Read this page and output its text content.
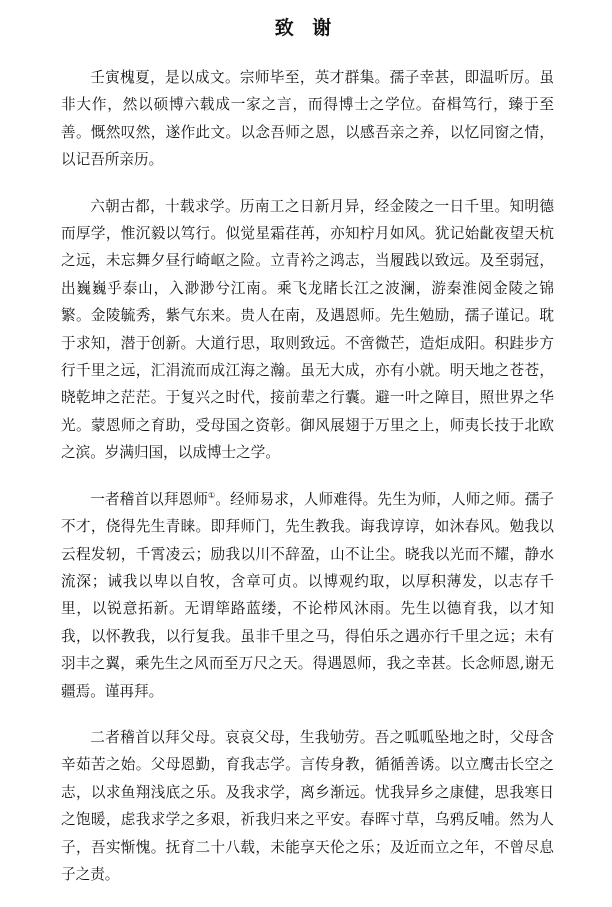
致 谢

壬寅槐夏，是以成文。宗师毕至，英才群集。孺子幸甚，即温听厉。虽非大作，然以硕博六载成一家之言，而得博士之学位。奋楫笃行，臻于至善。慨然叹然，遂作此文。以念吾师之恩，以感吾亲之养，以忆同窗之情，以记吾所亲历。

六朝古都，十载求学。历南工之日新月异，经金陵之一日千里。知明德而厚学，惟沉毅以笃行。似觉星霜荏苒，亦知柠月如风。犹记始齔夜望天杭之远，未忘舞夕昼行崎岖之险。立青衿之鸿志，当履践以致远。及至弱冠，出巍巍乎泰山，入渺渺兮江南。乘飞龙睹长江之波澜，游秦淮阅金陵之锦繁。金陵毓秀，紫气东来。贵人在南，及遇恩师。先生勉励，孺子谨记。耽于求知，潜于创新。大道行思，取则致远。不啻微芒，造炬成阳。积跬步方行千里之远，汇涓流而成江海之瀚。虽无大成，亦有小就。明天地之苍苍，晓乾坤之茫茫。于复兴之时代，接前辈之行囊。避一叶之障目，照世界之华光。蒙恩师之育助，受母国之资彰。御风展翅于万里之上，师夷长技于北欧之滨。岁满归国，以成博士之学。

一者稽首以拜恩师①。经师易求，人师难得。先生为师，人师之师。孺子不才，侥得先生青睐。即拜师门，先生教我。诲我谆谆，如沐春风。勉我以云程发轫，千霄凌云；励我以川不辞盈，山不让尘。晓我以光而不耀，静水流深；诫我以卑以自牧，含章可贞。以博观约取，以厚积薄发，以志存千里，以锐意拓新。无谓筚路蓝缕，不论栉风沐雨。先生以德育我，以才知我，以怀教我，以行复我。虽非千里之马，得伯乐之遇亦行千里之远；未有羽丰之翼，乘先生之风而至万尺之天。得遇恩师，我之幸甚。长念师恩,谢无疆焉。谨再拜。

二者稽首以拜父母。哀哀父母，生我劬劳。吾之呱呱坠地之时，父母含辛茹苦之始。父母恩勤，育我志学。言传身教，循循善诱。以立鹰击长空之志，以求鱼翔浅底之乐。及我求学，离乡渐远。忧我异乡之康健，思我寒日之饱暖，虑我求学之多艰，祈我归来之平安。春晖寸草，乌鸦反哺。然为人子，吾实惭愧。抚育二十八载，未能享天伦之乐；及近而立之年，不曾尽息子之责。
